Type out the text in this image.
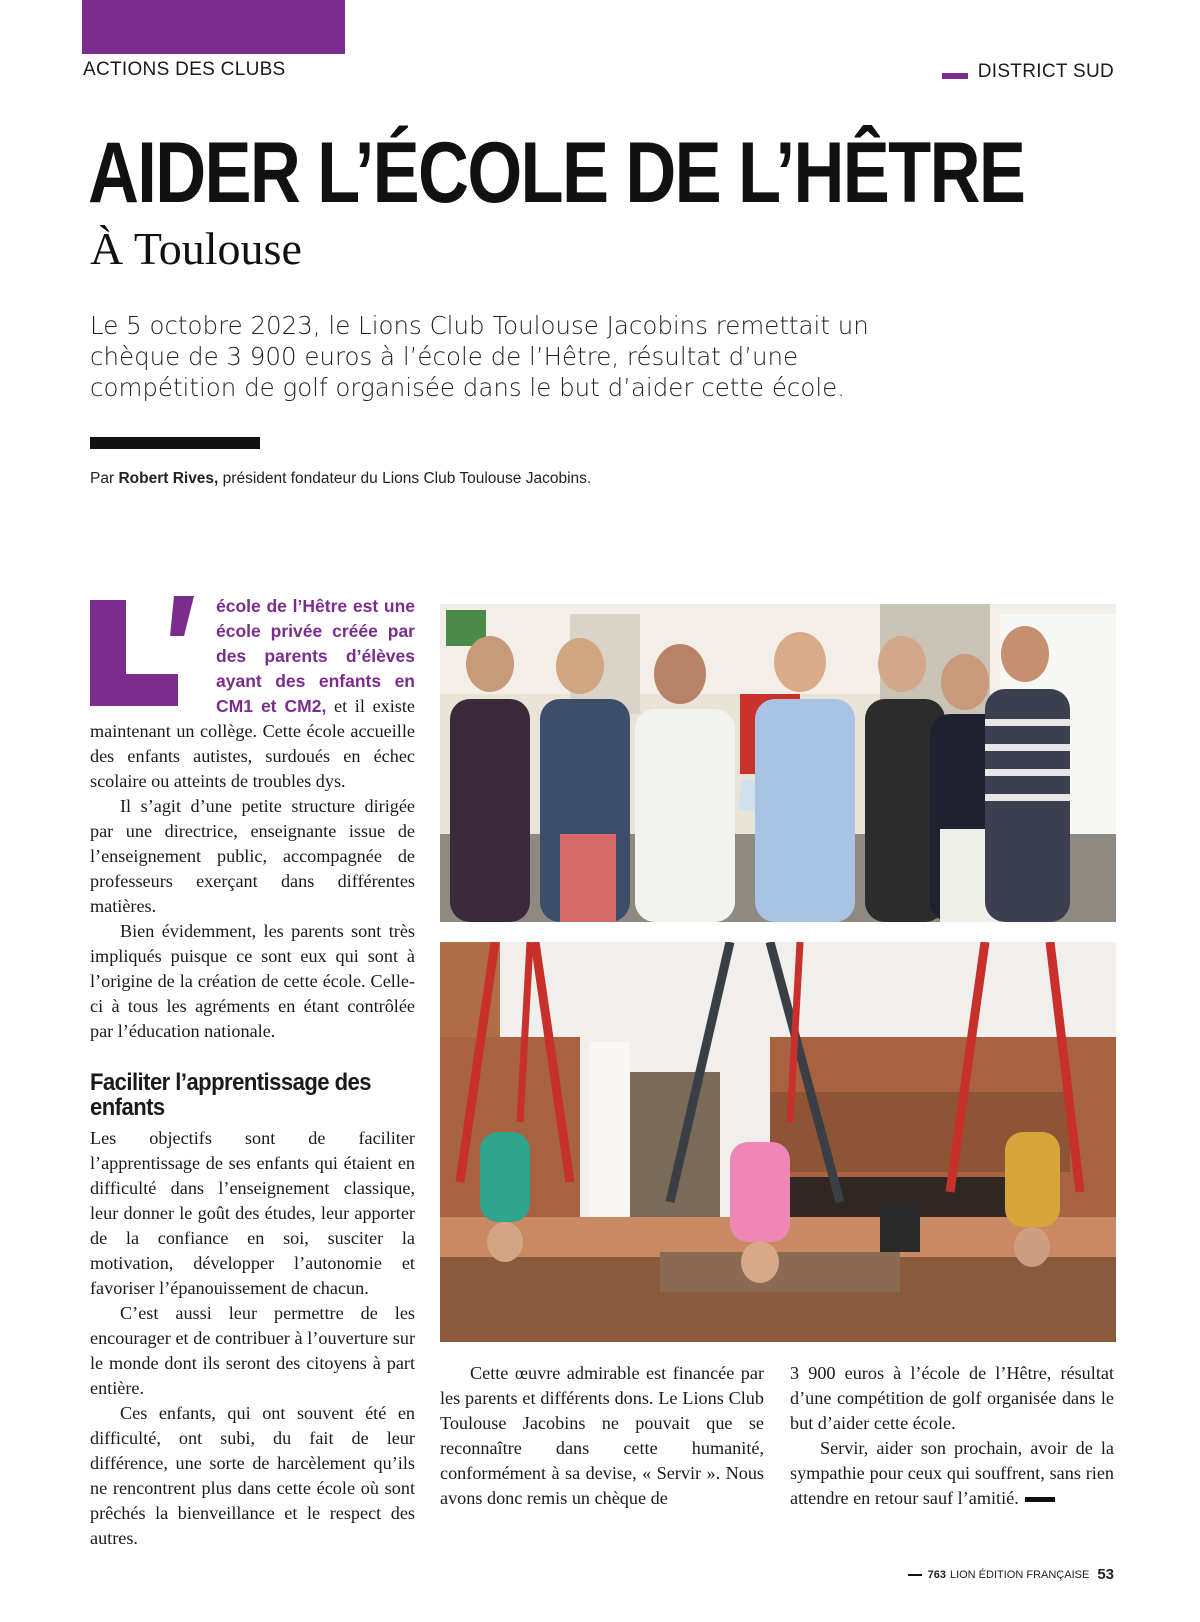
ACTIONS DES CLUBS	DISTRICT SUD
AIDER L’ÉCOLE DE L’HÊTRE
À Toulouse

Le 5 octobre 2023, le Lions Club Toulouse Jacobins remettait un chèque de 3 900 euros à l’école de l’Hêtre, résultat d’une compétition de golf organisée dans le but d’aider cette école.

Par Robert Rives, président fondateur du Lions Club Toulouse Jacobins.

école de l’Hêtre est une école privée créée par des parents d’élèves ayant des enfants en CM1 et CM2, et il existe maintenant un collège. Cette école accueille des enfants autistes, surdoués en échec scolaire ou atteints de troubles dys.

Il s’agit d’une petite structure dirigée par une directrice, enseignante issue de l’enseignement public, accompagnée de professeurs exerçant dans différentes matières.

Bien évidemment, les parents sont très impliqués puisque ce sont eux qui sont à l’origine de la création de cette école. Celle-ci à tous les agréments en étant contrôlée par l’éducation nationale.

Faciliter l’apprentissage des enfants

Les objectifs sont de faciliter l’apprentissage de ses enfants qui étaient en difficulté dans l’enseignement classique, leur donner le goût des études, leur apporter de la confiance en soi, susciter la motivation, développer l’autonomie et favoriser l’épanouissement de chacun.

C’est aussi leur permettre de les encourager et de contribuer à l’ouverture sur le monde dont ils seront des citoyens à part entière.

Ces enfants, qui ont souvent été en difficulté, ont subi, du fait de leur différence, une sorte de harcèlement qu’ils ne rencontrent plus dans cette école où sont prêchés la bienveillance et le respect des autres.

Cette œuvre admirable est financée par les parents et différents dons. Le Lions Club Toulouse Jacobins ne pouvait que se reconnaître dans cette humanité, conformément à sa devise, « Servir ». Nous avons donc remis un chèque de

3 900 euros à l’école de l’Hêtre, résultat d’une compétition de golf organisée dans le but d’aider cette école.

Servir, aider son prochain, avoir de la sympathie pour ceux qui souffrent, sans rien attendre en retour sauf l’amitié.

763 LION ÉDITION FRANÇAISE 53
